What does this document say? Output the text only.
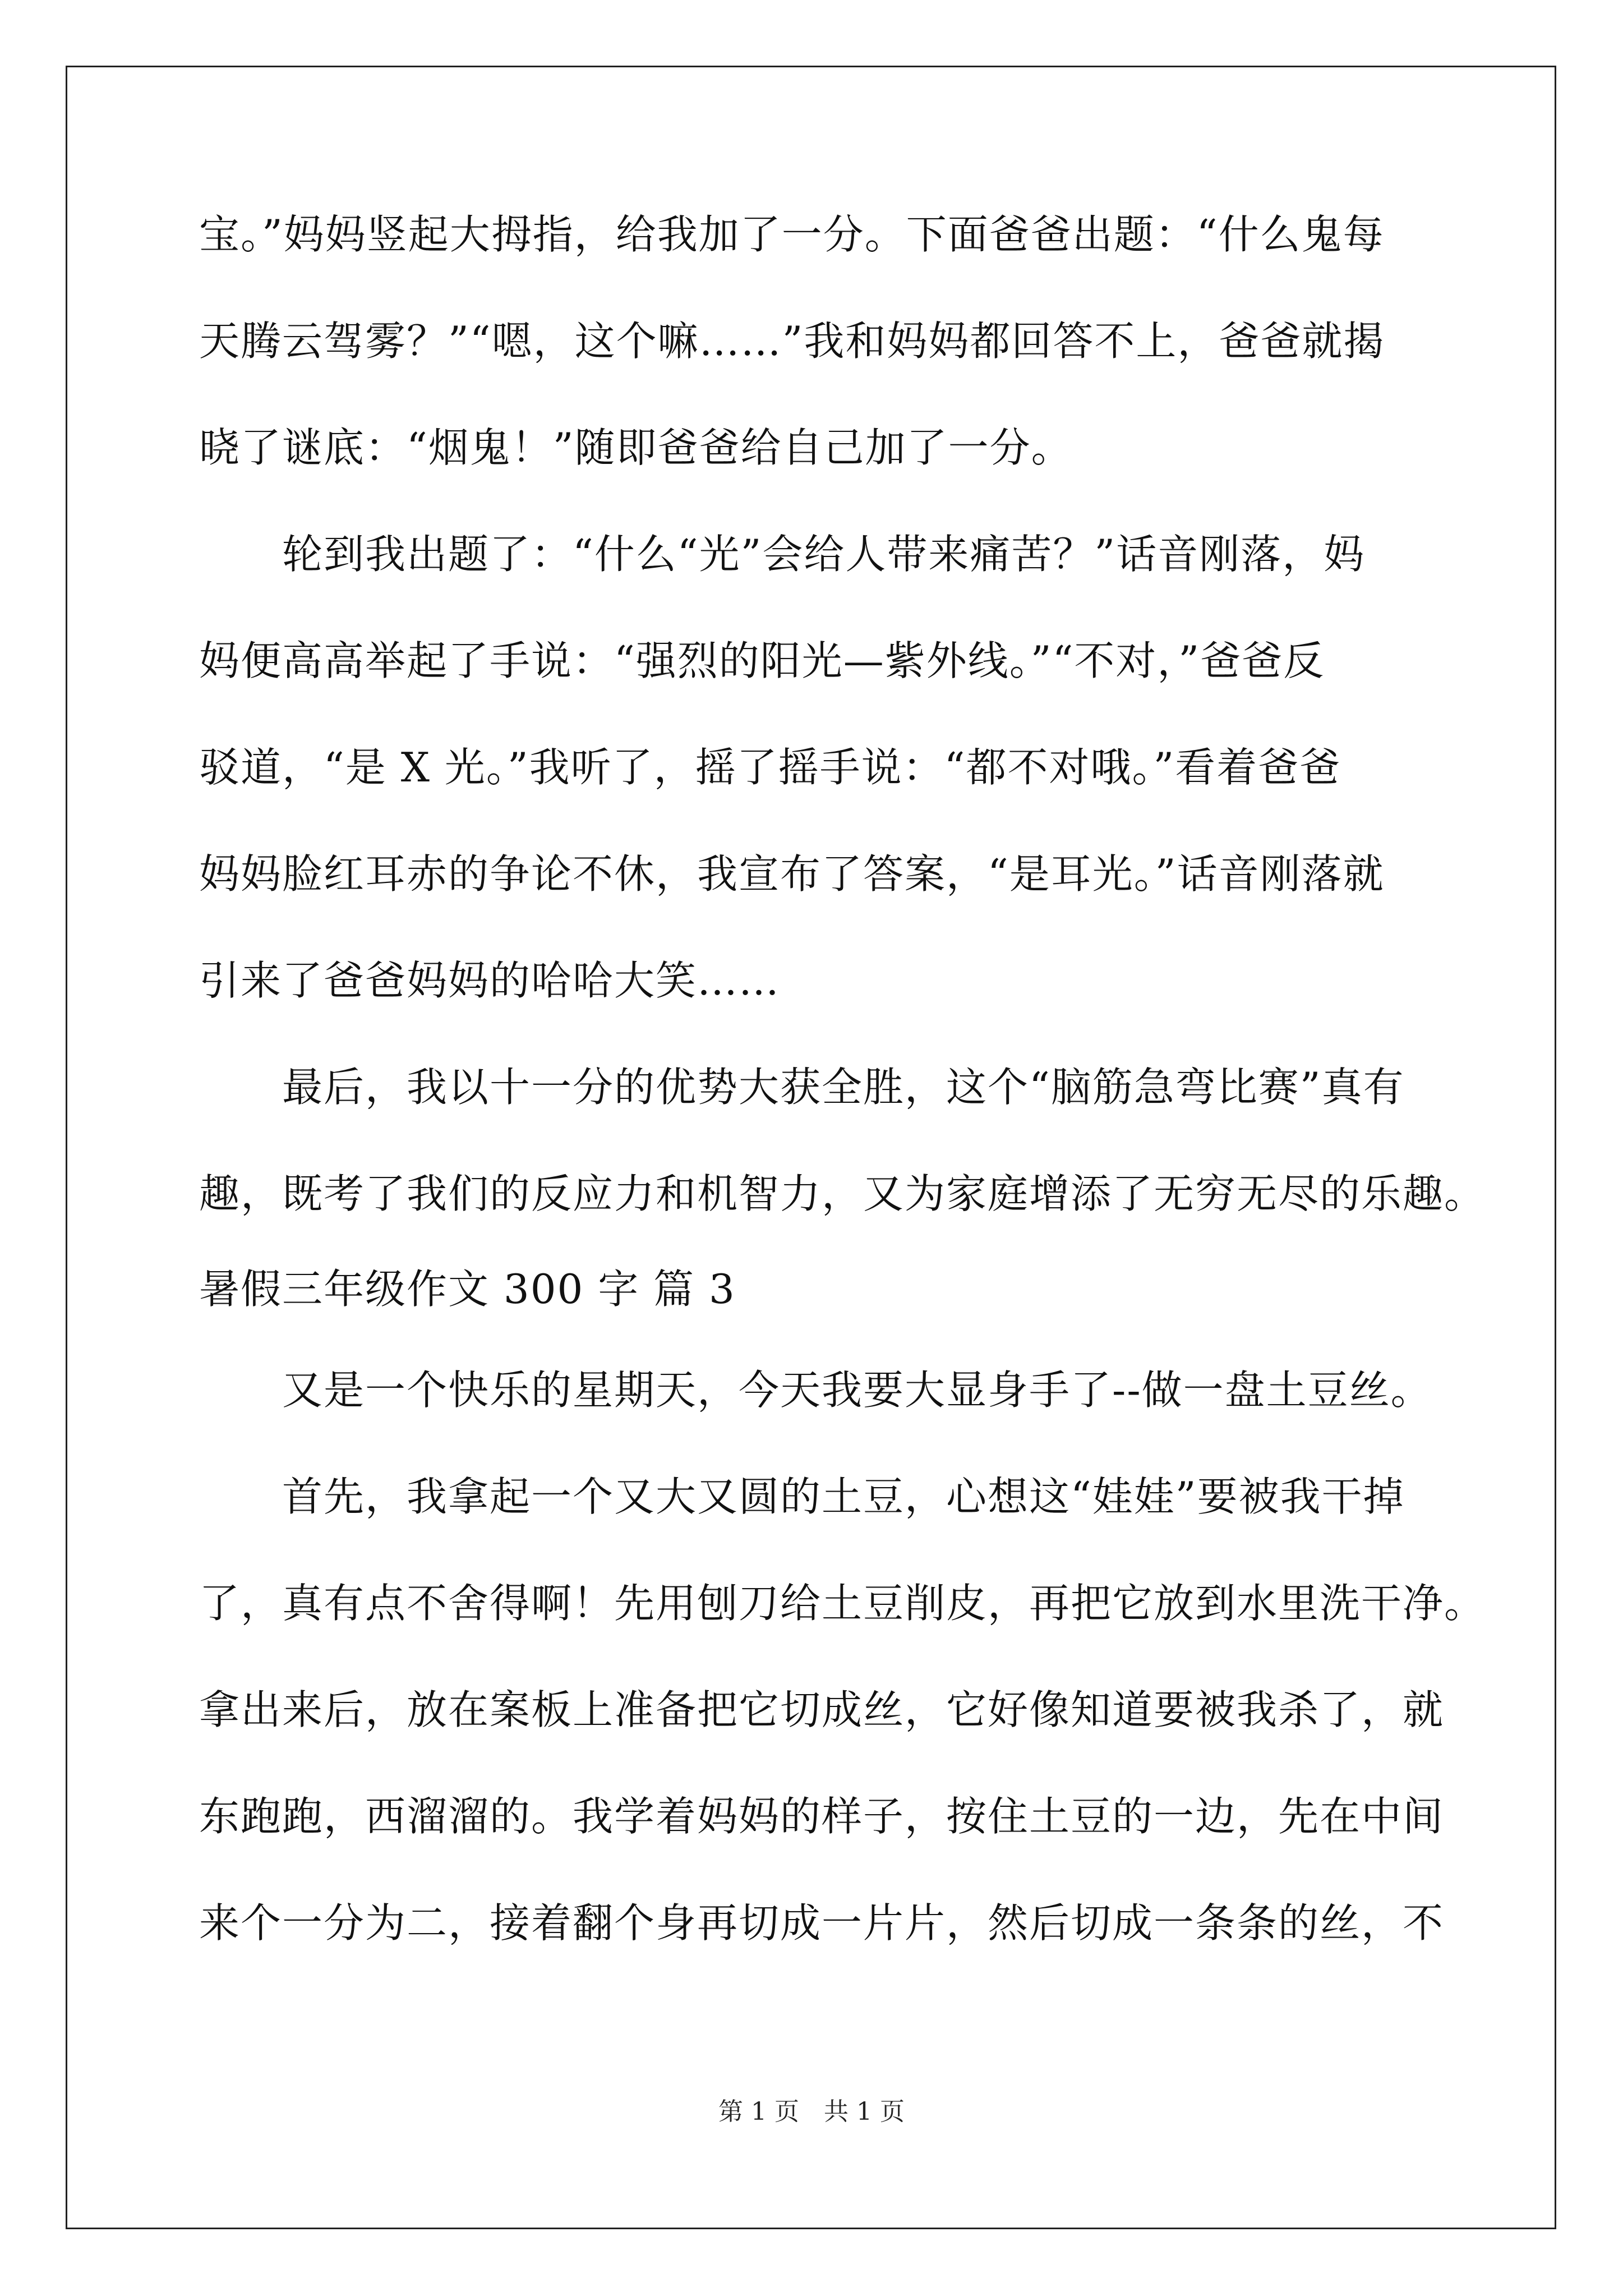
宝。”妈妈竖起大拇指，给我加了一分。下面爸爸出题：“什么鬼每
天腾云驾雾？”“嗯，这个嘛……”我和妈妈都回答不上，爸爸就揭
晓了谜底：“烟鬼！”随即爸爸给自己加了一分。
　　轮到我出题了：“什么“光”会给人带来痛苦？”话音刚落，妈
妈便高高举起了手说：“强烈的阳光—紫外线。”“不对，”爸爸反
驳道，“是 X 光。”我听了，摇了摇手说：“都不对哦。”看着爸爸
妈妈脸红耳赤的争论不休，我宣布了答案，“是耳光。”话音刚落就
引来了爸爸妈妈的哈哈大笑……
　　最后，我以十一分的优势大获全胜，这个“脑筋急弯比赛”真有
趣，既考了我们的反应力和机智力，又为家庭增添了无穷无尽的乐趣。
暑假三年级作文 300 字 篇 3
　　又是一个快乐的星期天，今天我要大显身手了--做一盘土豆丝。
　　首先，我拿起一个又大又圆的土豆，心想这“娃娃”要被我干掉
了，真有点不舍得啊！先用刨刀给土豆削皮，再把它放到水里洗干净。
拿出来后，放在案板上准备把它切成丝，它好像知道要被我杀了，就
东跑跑，西溜溜的。我学着妈妈的样子，按住土豆的一边，先在中间
来个一分为二，接着翻个身再切成一片片，然后切成一条条的丝，不
第 1 页　共 1 页
